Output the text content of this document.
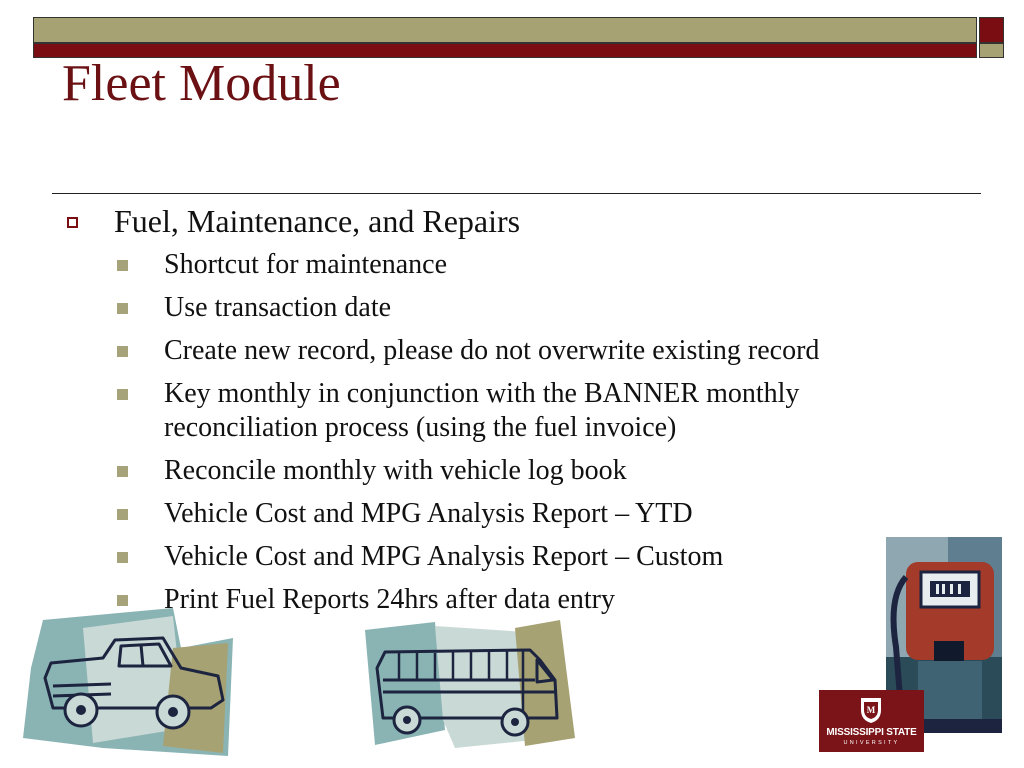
Fleet Module
Fuel, Maintenance, and Repairs
Shortcut for maintenance
Use transaction date
Create new record, please do not overwrite existing record
Key monthly in conjunction with the BANNER monthly reconciliation process (using the fuel invoice)
Reconcile monthly with vehicle log book
Vehicle Cost and MPG Analysis Report – YTD
Vehicle Cost and MPG Analysis Report – Custom
Print Fuel Reports 24hrs after data entry
M
MISSISSIPPI STATE
UNIVERSITY
